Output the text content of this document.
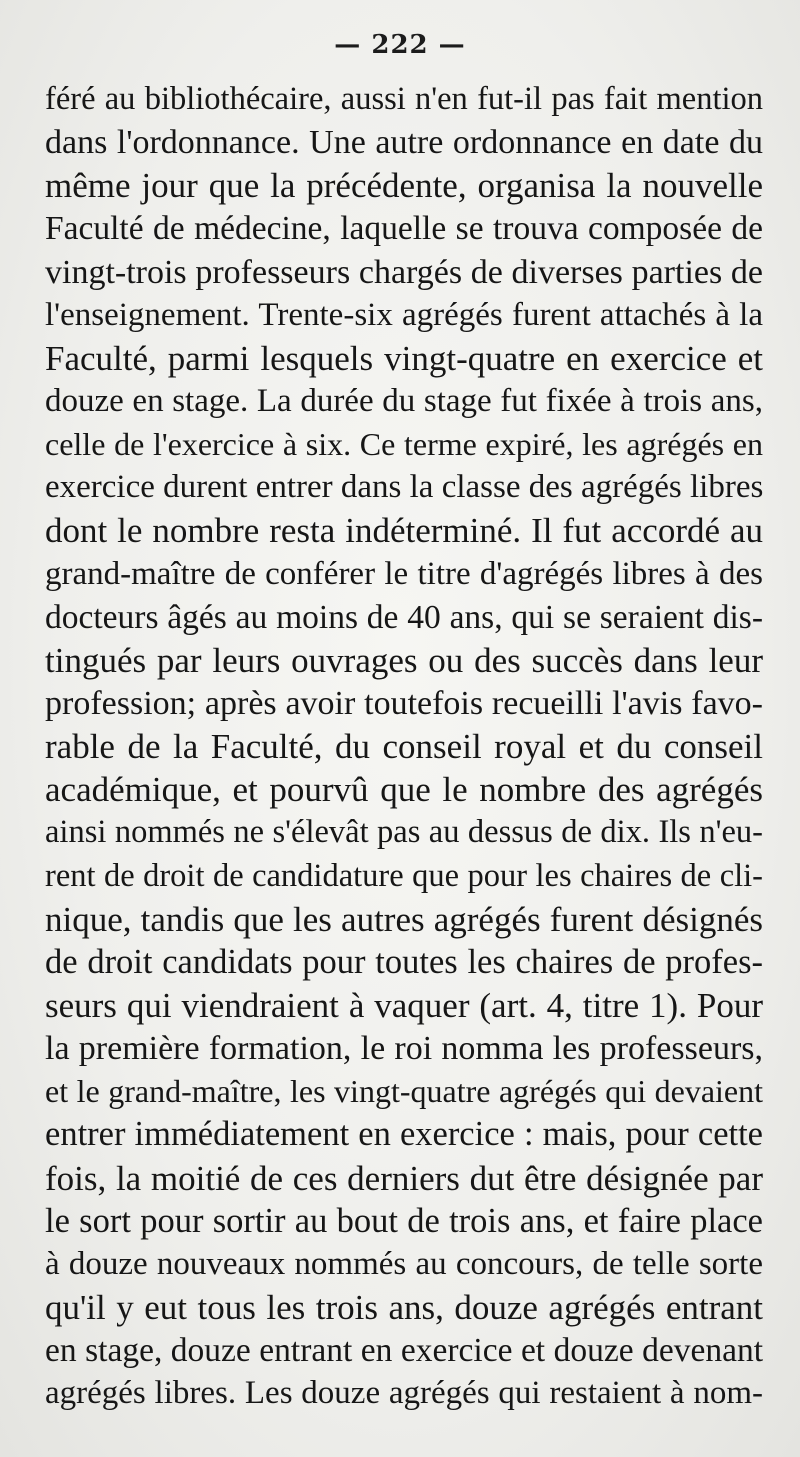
— 222 —
féré au bibliothécaire, aussi n'en fut-il pas fait mention
dans l'ordonnance. Une autre ordonnance en date du
même jour que la précédente, organisa la nouvelle
Faculté de médecine, laquelle se trouva composée de
vingt-trois professeurs chargés de diverses parties de
l'enseignement. Trente-six agrégés furent attachés à la
Faculté, parmi lesquels vingt-quatre en exercice et
douze en stage. La durée du stage fut fixée à trois ans,
celle de l'exercice à six. Ce terme expiré, les agrégés en
exercice durent entrer dans la classe des agrégés libres
dont le nombre resta indéterminé. Il fut accordé au
grand-maître de conférer le titre d'agrégés libres à des
docteurs âgés au moins de 40 ans, qui se seraient dis-
tingués par leurs ouvrages ou des succès dans leur
profession; après avoir toutefois recueilli l'avis favo-
rable de la Faculté, du conseil royal et du conseil
académique, et pourvû que le nombre des agrégés
ainsi nommés ne s'élevât pas au dessus de dix. Ils n'eu-
rent de droit de candidature que pour les chaires de cli-
nique, tandis que les autres agrégés furent désignés
de droit candidats pour toutes les chaires de profes-
seurs qui viendraient à vaquer (art. 4, titre 1). Pour
la première formation, le roi nomma les professeurs,
et le grand-maître, les vingt-quatre agrégés qui devaient
entrer immédiatement en exercice : mais, pour cette
fois, la moitié de ces derniers dut être désignée par
le sort pour sortir au bout de trois ans, et faire place
à douze nouveaux nommés au concours, de telle sorte
qu'il y eut tous les trois ans, douze agrégés entrant
en stage, douze entrant en exercice et douze devenant
agrégés libres. Les douze agrégés qui restaient à nom-
